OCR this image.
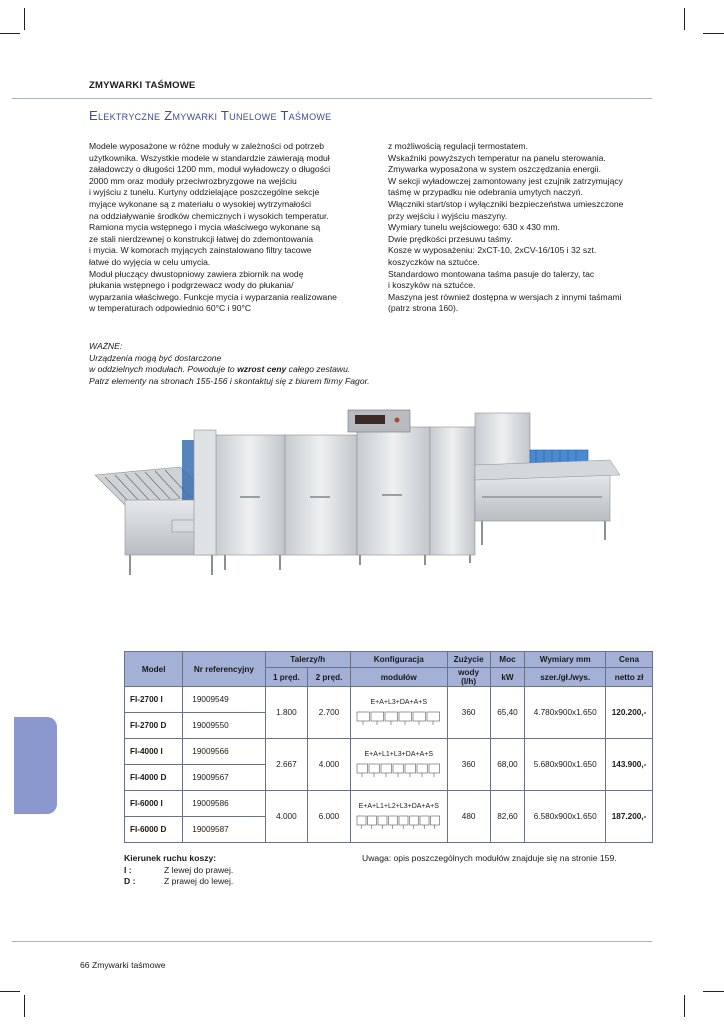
ZMYWARKI TAŚMOWE
Elektryczne Zmywarki Tunelowe Taśmowe
Modele wyposażone w różne moduły w zależności od potrzeb
użytkownika. Wszystkie modele w standardzie zawierają moduł
załadowczy o długości 1200 mm, moduł wyładowczy o długości
2000 mm oraz moduły przeciwrozbryzgowe na wejściu
i wyjściu z tunelu. Kurtyny oddzielające poszczególne sekcje
myjące wykonane są z materiału o wysokiej wytrzymałości
na oddziaływanie środków chemicznych i wysokich temperatur.
Ramiona mycia wstępnego i mycia właściwego wykonane są
ze stali nierdzewnej o konstrukcji łatwej do zdemontowania
i mycia. W komorach myjących zainstalowano filtry tacowe
łatwe do wyjęcia w celu umycia.
Moduł płuczący dwustopniowy zawiera zbiornik na wodę
płukania wstępnego i podgrzewacz wody do płukania/
wyparzania właściwego. Funkcje mycia i wyparzania realizowane
w temperaturach odpowiednio 60°C i 90°C
z możliwością regulacji termostatem.
Wskaźniki powyższych temperatur na panelu sterowania.
Zmywarka wyposażona w system oszczędzania energii.
W sekcji wyładowczej zamontowany jest czujnik zatrzymujący
taśmę w przypadku nie odebrania umytych naczyń.
Włączniki start/stop i wyłączniki bezpieczeństwa umieszczone
przy wejściu i wyjściu maszyny.
Wymiary tunelu wejściowego: 630 x 430 mm.
Dwie prędkości przesuwu taśmy.
Kosze w wyposażeniu: 2xCT-10, 2xCV-16/105 i 32 szt.
koszyczków na sztućce.
Standardowo montowana taśma pasuje do talerzy, tac
i koszyków na sztućce.
Maszyna jest również dostępna w wersjach z innymi taśmami
(patrz strona 160).
WAŻNE:
Urządzenia mogą być dostarczone
w oddzielnych modułach. Powoduje to wzrost ceny całego zestawu.
Patrz elementy na stronach 155-156 i skontaktuj się z biurem firmy Fagor.
Model	Nr referencyjny	Talerzy/h		Konfiguracja	Zużycie	Moc	Wymiary mm	Cena
		1 pręd.	2 pręd.	modułów	wody (l/h)	kW	szer./gł./wys.	netto zł
FI-2700 I	19009549	1.800	2.700	E+A+L3+DA+A+S	360	65,40	4.780x900x1.650	120.200,-
FI-2700 D	19009550							
FI-4000 I	19009566	2.667	4.000	E+A+L1+L3+DA+A+S	360	68,00	5.680x900x1.650	143.900,-
FI-4000 D	19009567							
FI-6000 I	19009586	4.000	6.000	E+A+L1+L2+L3+DA+A+S	480	82,60	6.580x900x1.650	187.200,-
FI-6000 D	19009587							
Kierunek ruchu koszy:
I :	Z lewej do prawej.
D :	Z prawej do lewej.
Uwaga: opis poszczególnych modułów znajduje się na stronie 159.
66 Zmywarki taśmowe
